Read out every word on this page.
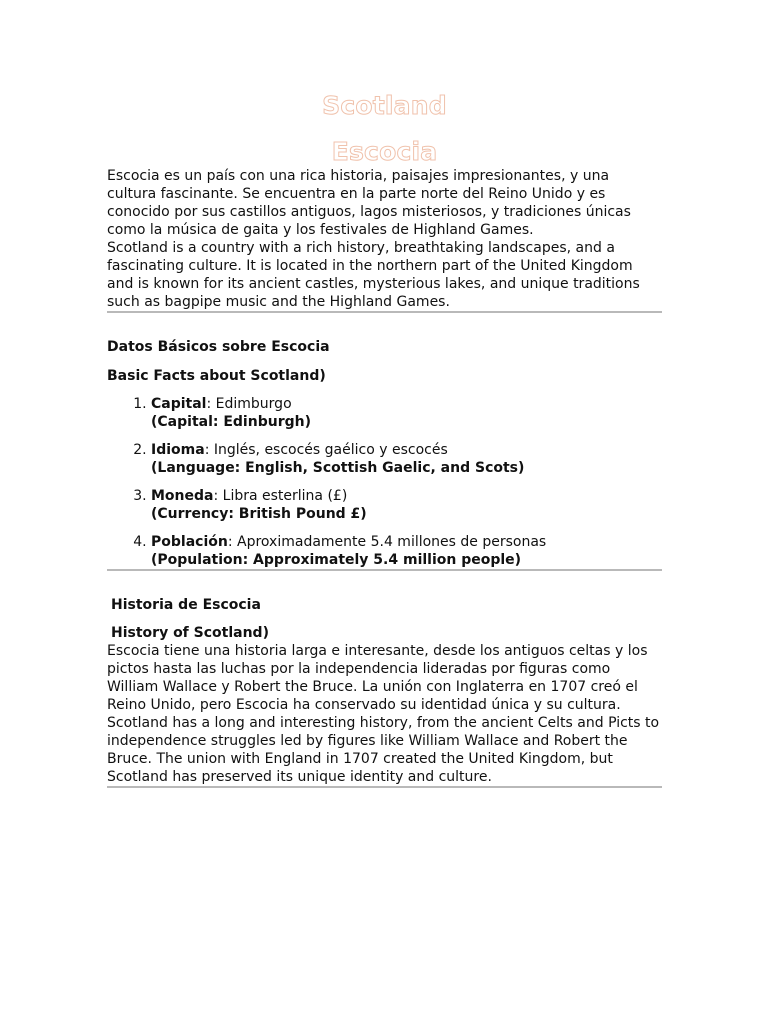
Scotland
Escocia

Escocia es un país con una rica historia, paisajes impresionantes, y una cultura fascinante. Se encuentra en la parte norte del Reino Unido y es conocido por sus castillos antiguos, lagos misteriosos, y tradiciones únicas como la música de gaita y los festivales de Highland Games.

Scotland is a country with a rich history, breathtaking landscapes, and a fascinating culture. It is located in the northern part of the United Kingdom and is known for its ancient castles, mysterious lakes, and unique traditions such as bagpipe music and the Highland Games.

Datos Básicos sobre Escocia

Basic Facts about Scotland)

1. Capital: Edimburgo
(Capital: Edinburgh)
2. Idioma: Inglés, escocés gaélico y escocés
(Language: English, Scottish Gaelic, and Scots)
3. Moneda: Libra esterlina (£)
(Currency: British Pound £)
4. Población: Aproximadamente 5.4 millones de personas
(Population: Approximately 5.4 million people)

Historia de Escocia

History of Scotland)

Escocia tiene una historia larga e interesante, desde los antiguos celtas y los pictos hasta las luchas por la independencia lideradas por figuras como William Wallace y Robert the Bruce. La unión con Inglaterra en 1707 creó el Reino Unido, pero Escocia ha conservado su identidad única y su cultura.

Scotland has a long and interesting history, from the ancient Celts and Picts to independence struggles led by figures like William Wallace and Robert the Bruce. The union with England in 1707 created the United Kingdom, but Scotland has preserved its unique identity and culture.
